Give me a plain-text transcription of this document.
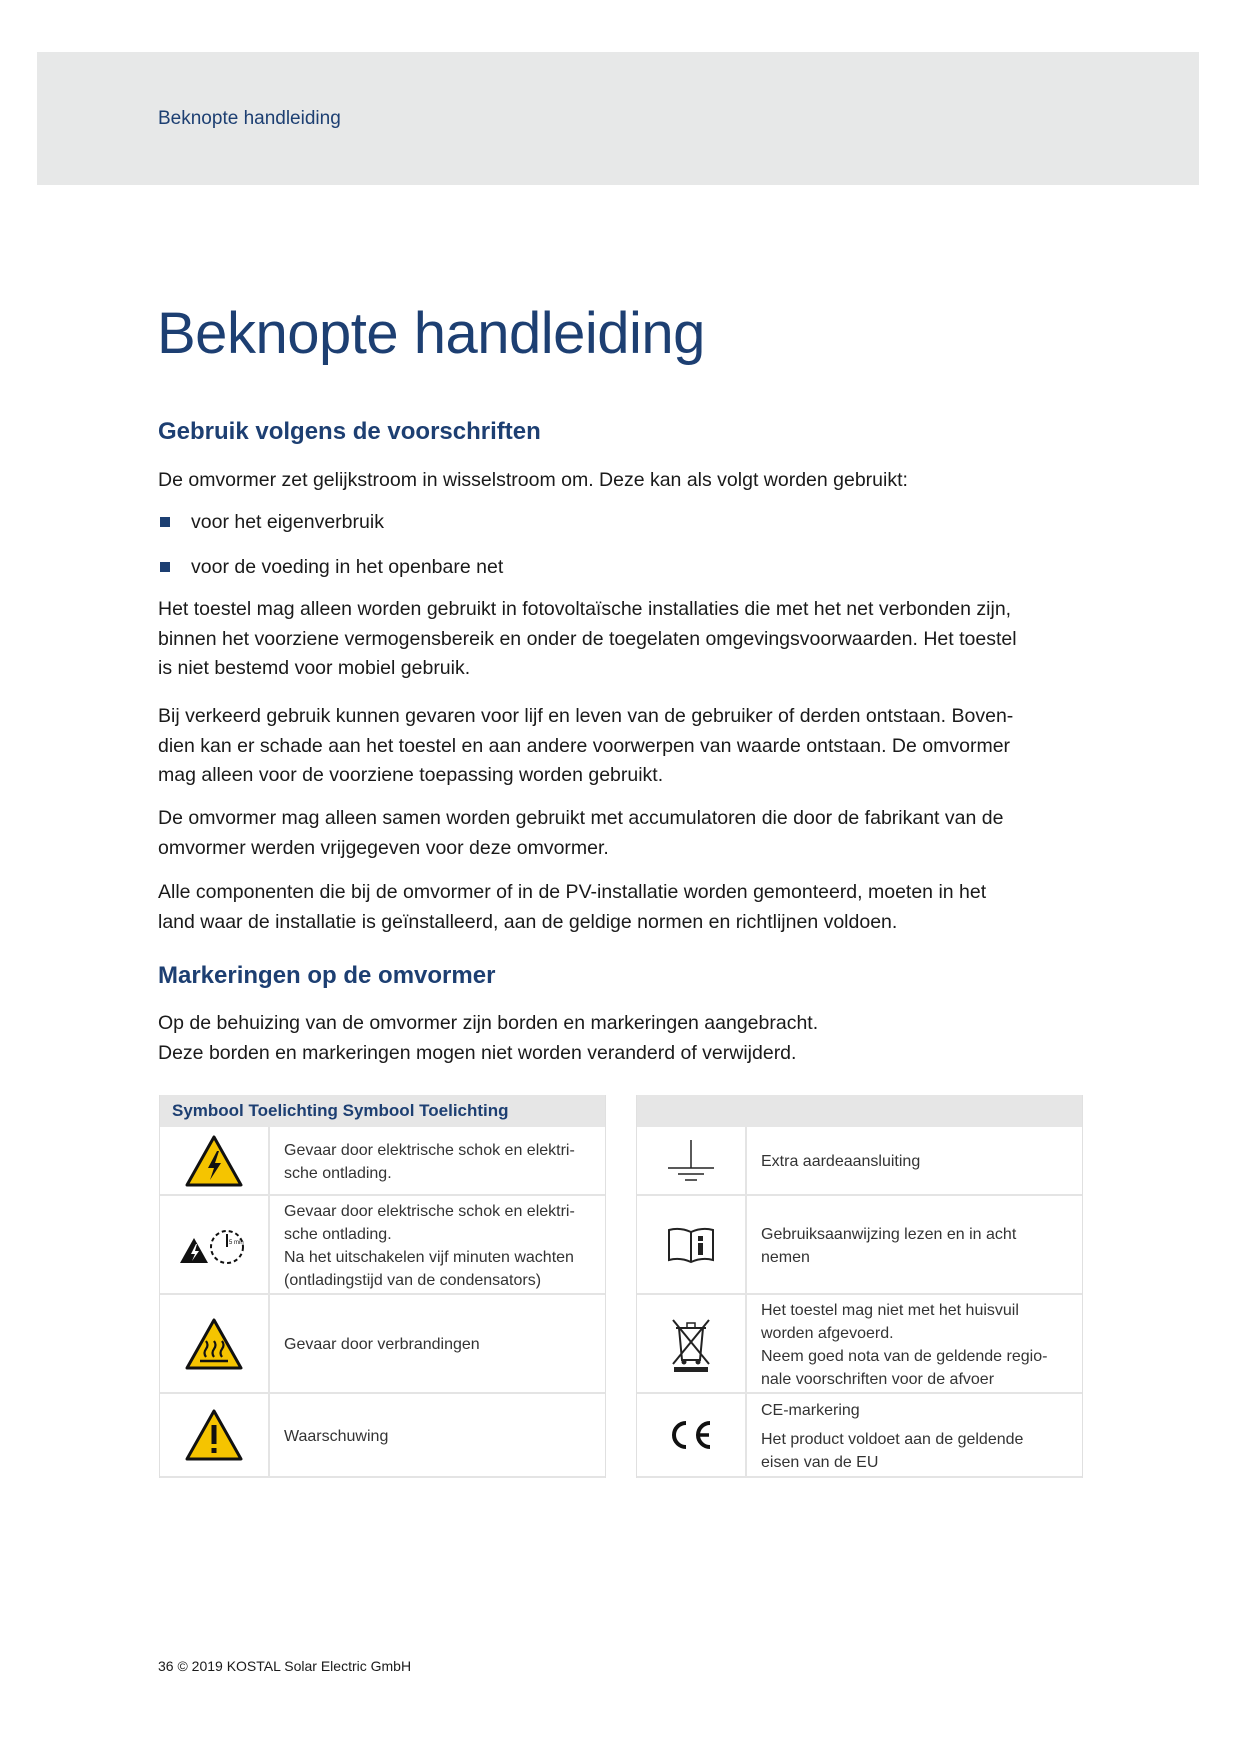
Beknopte handleiding
Beknopte handleiding
Gebruik volgens de voorschriften

De omvormer zet gelijkstroom in wisselstroom om. Deze kan als volgt worden gebruikt:

voor het eigenverbruik
voor de voeding in het openbare net

Het toestel mag alleen worden gebruikt in fotovoltaïsche installaties die met het net verbonden zijn,
binnen het voorziene vermogensbereik en onder de toegelaten omgevingsvoorwaarden. Het toestel
is niet bestemd voor mobiel gebruik.

Bij verkeerd gebruik kunnen gevaren voor lijf en leven van de gebruiker of derden ontstaan. Boven-
dien kan er schade aan het toestel en aan andere voorwerpen van waarde ontstaan. De omvormer
mag alleen voor de voorziene toepassing worden gebruikt.

De omvormer mag alleen samen worden gebruikt met accumulatoren die door de fabrikant van de
omvormer werden vrijgegeven voor deze omvormer.

Alle componenten die bij de omvormer of in de PV-installatie worden gemonteerd, moeten in het
land waar de installatie is geïnstalleerd, aan de geldige normen en richtlijnen voldoen.

Markeringen op de omvormer

Op de behuizing van de omvormer zijn borden en markeringen aangebracht.
Deze borden en markeringen mogen niet worden veranderd of verwijderd.

Symbool Toelichting Symbool Toelichting
Gevaar door elektrische schok en elektri-
sche ontlading.
5 min
Gevaar door elektrische schok en elektri-
sche ontlading.
Na het uitschakelen vijf minuten wachten
(ontladingstijd van de condensators)
Gevaar door verbrandingen
Waarschuwing
Extra aardeaansluiting
Gebruiksaanwijzing lezen en in acht
nemen
Het toestel mag niet met het huisvuil
worden afgevoerd.
Neem goed nota van de geldende regio-
nale voorschriften voor de afvoer
CE-markering
Het product voldoet aan de geldende
eisen van de EU
36 © 2019 KOSTAL Solar Electric GmbH
